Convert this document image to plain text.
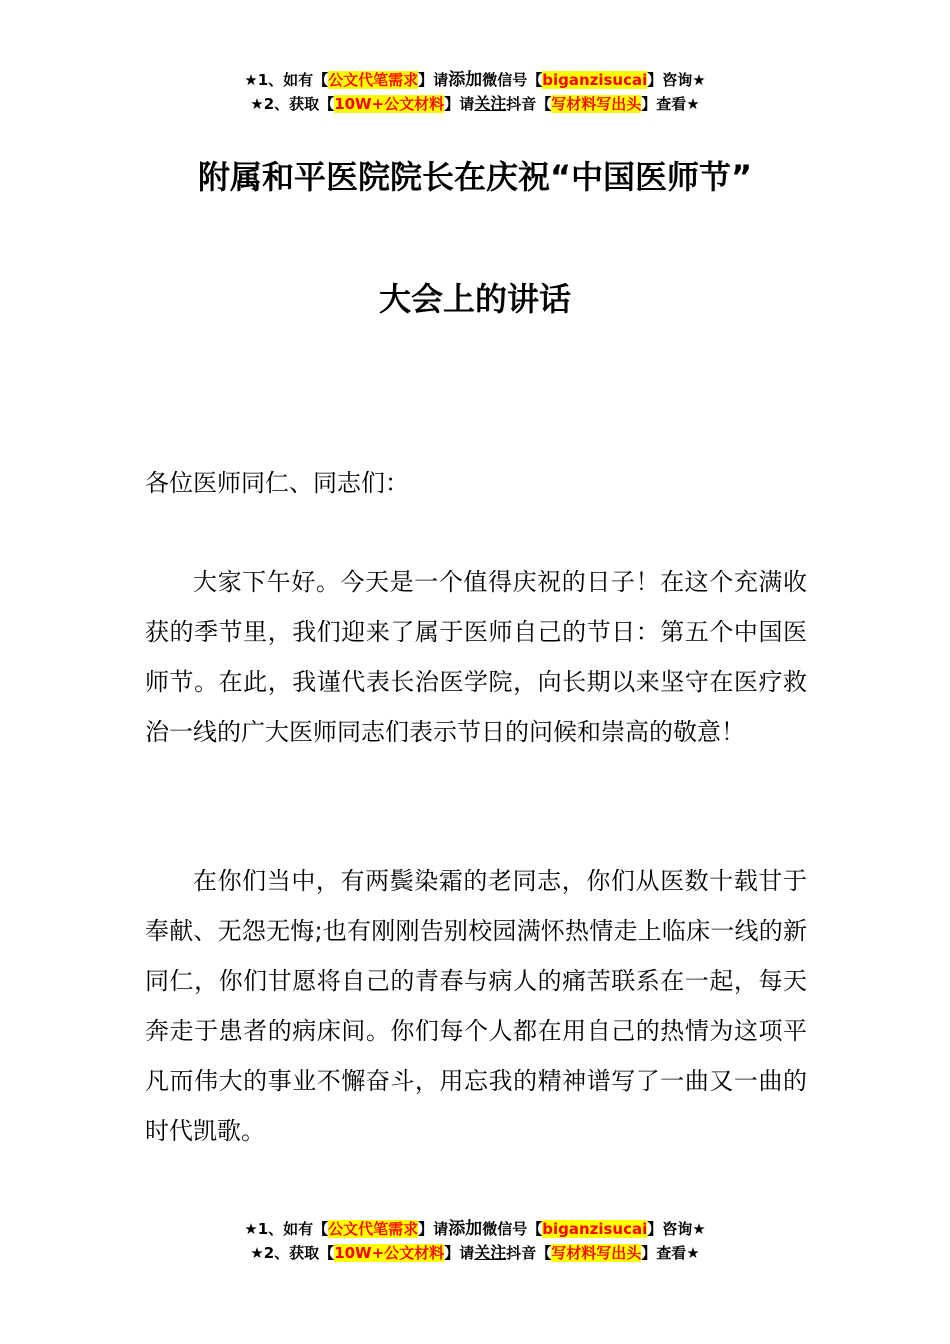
★1、如有【公文代笔需求】请添加微信号【biganzisucai】咨询★
★2、获取【10W+公文材料】请关注抖音【写材料写出头】查看★
附属和平医院院长在庆祝“中国医师节”
大会上的讲话
各位医师同仁、同志们：
大家下午好。今天是一个值得庆祝的日子！在这个充满收获的季节里，我们迎来了属于医师自己的节日：第五个中国医师节。在此，我谨代表长治医学院，向长期以来坚守在医疗救治一线的广大医师同志们表示节日的问候和崇高的敬意！
在你们当中，有两鬓染霜的老同志，你们从医数十载甘于奉献、无怨无悔;也有刚刚告别校园满怀热情走上临床一线的新同仁，你们甘愿将自己的青春与病人的痛苦联系在一起，每天奔走于患者的病床间。你们每个人都在用自己的热情为这项平凡而伟大的事业不懈奋斗，用忘我的精神谱写了一曲又一曲的时代凯歌。
★1、如有【公文代笔需求】请添加微信号【biganzisucai】咨询★
★2、获取【10W+公文材料】请关注抖音【写材料写出头】查看★
